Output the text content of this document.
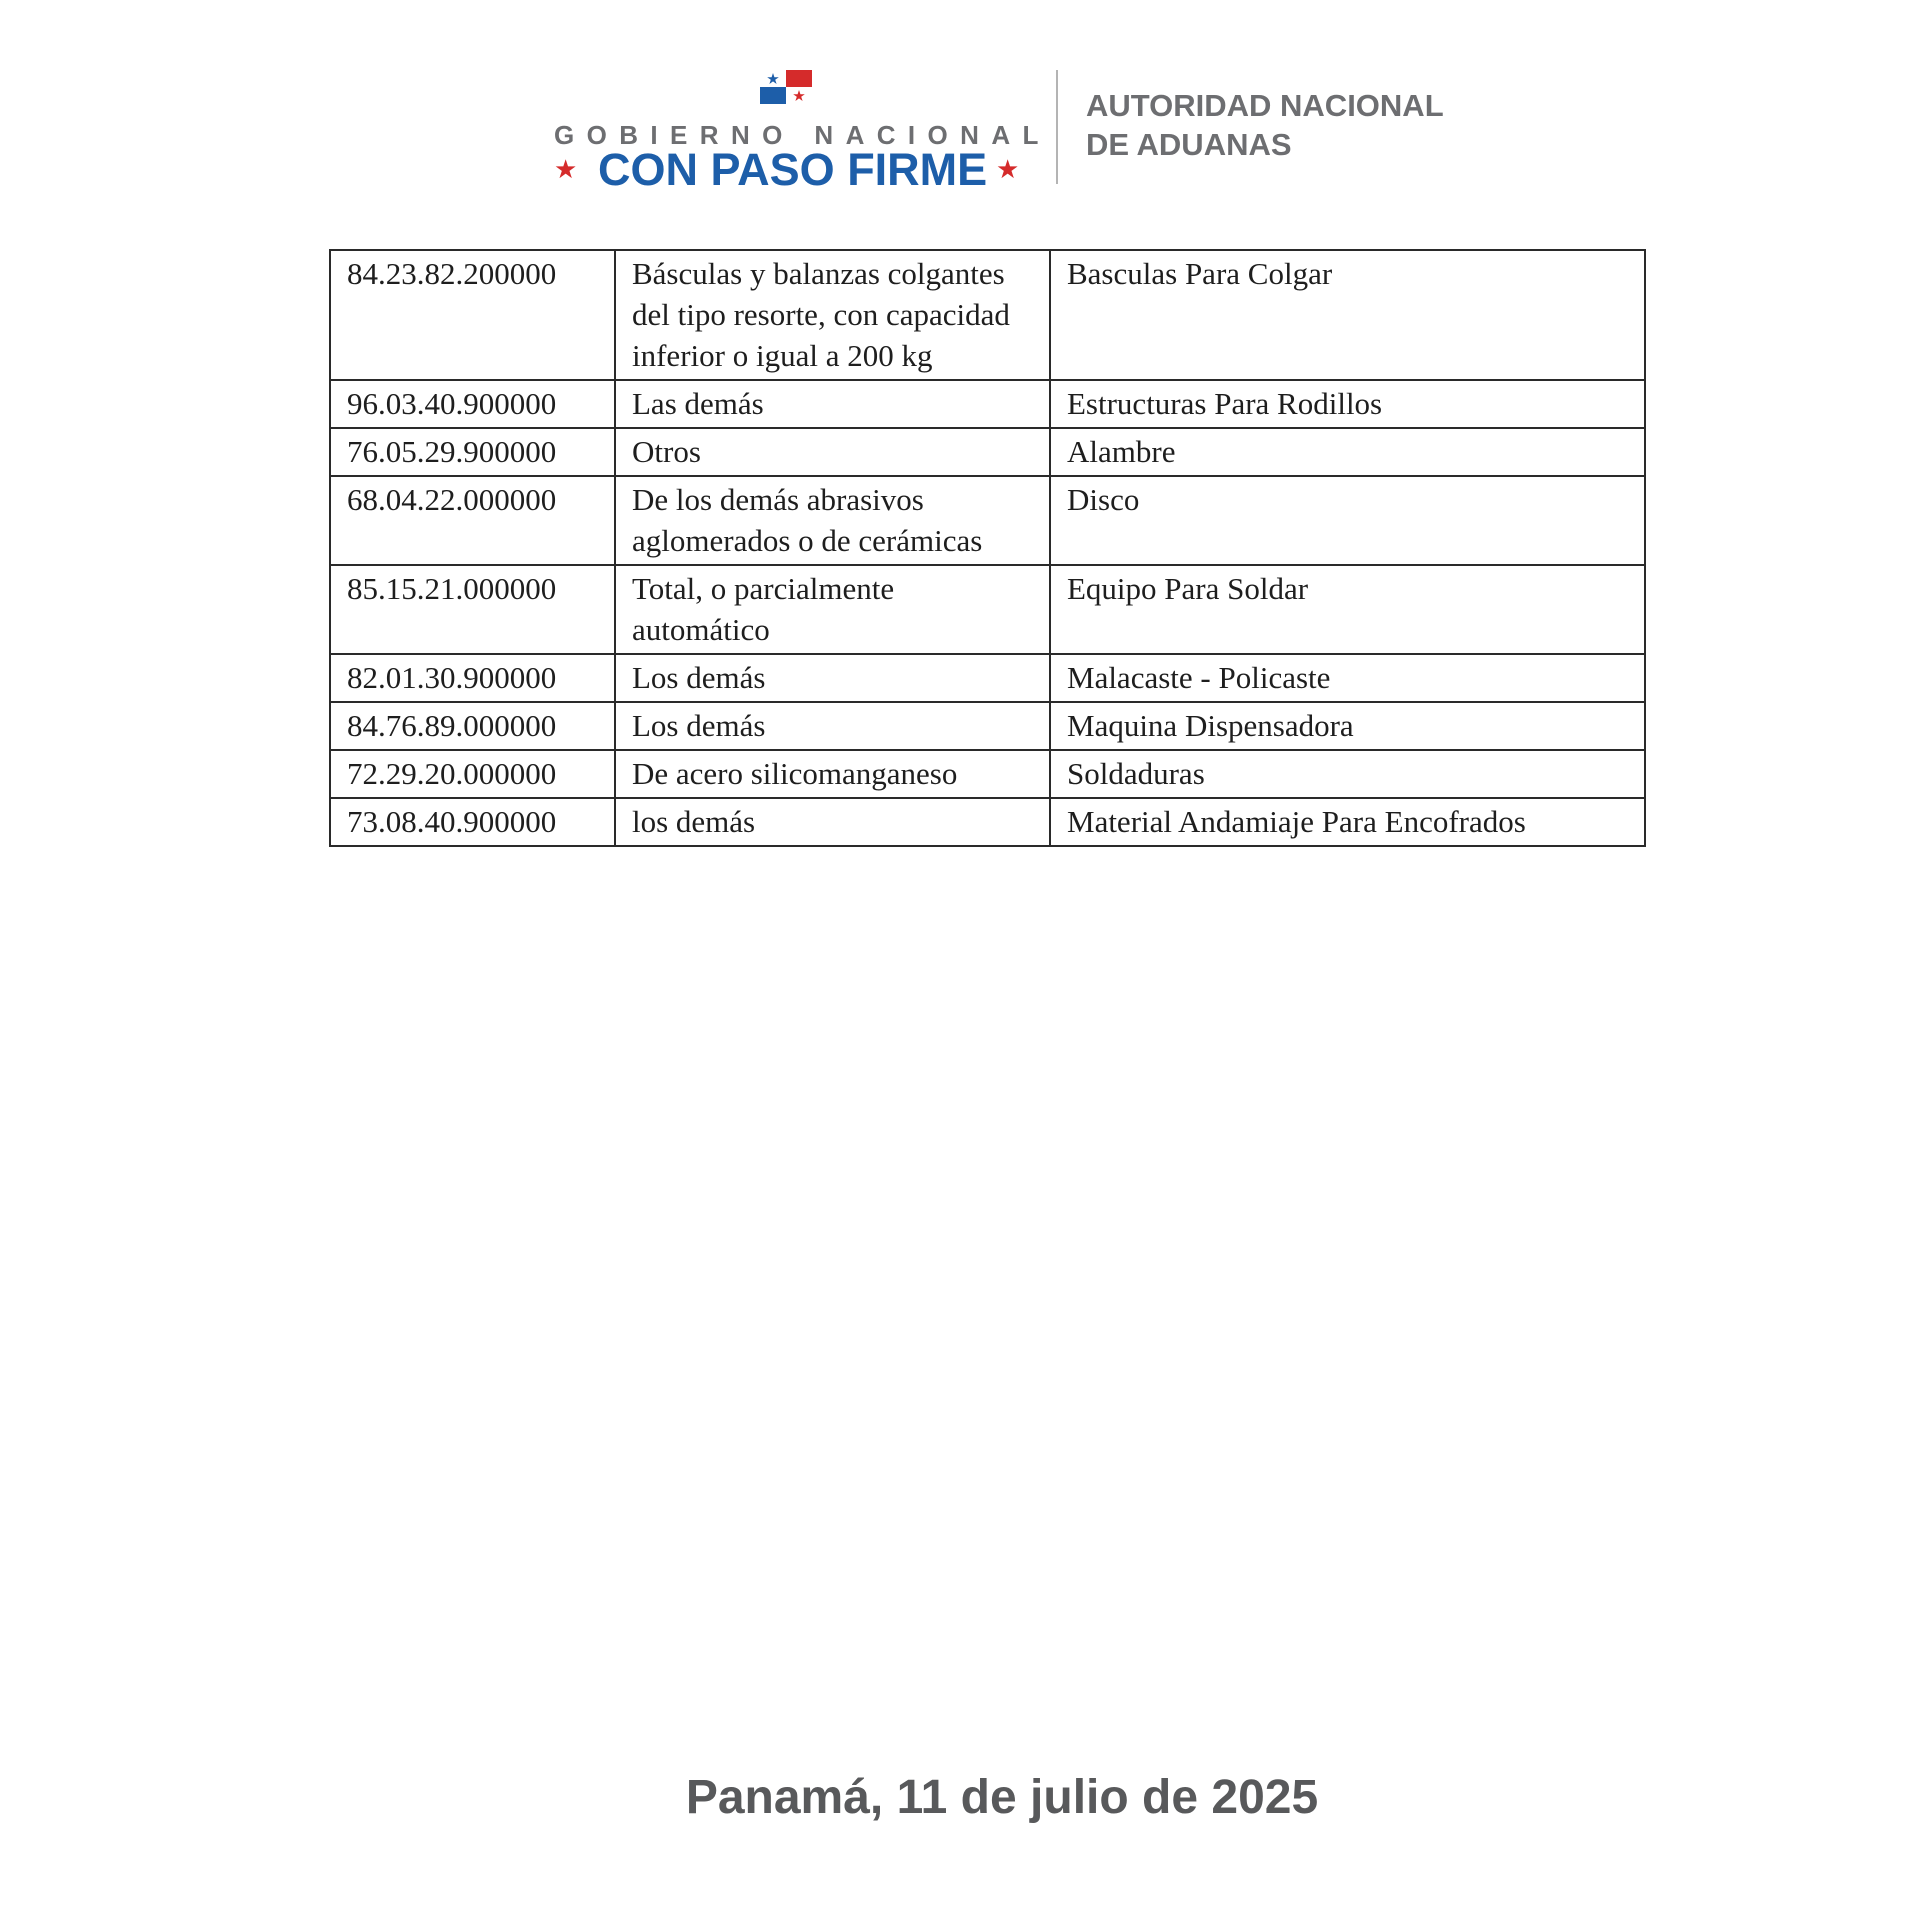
GOBIERNO NACIONAL
★ CON PASO FIRME ★
AUTORIDAD NACIONAL
DE ADUANAS
84.23.82.200000	Básculas y balanzas colgantes del tipo resorte, con capacidad inferior o igual a 200 kg	Basculas Para Colgar
96.03.40.900000	Las demás	Estructuras Para Rodillos
76.05.29.900000	Otros	Alambre
68.04.22.000000	De los demás abrasivos aglomerados o de cerámicas	Disco
85.15.21.000000	Total, o parcialmente automático	Equipo Para Soldar
82.01.30.900000	Los demás	Malacaste - Policaste
84.76.89.000000	Los demás	Maquina Dispensadora
72.29.20.000000	De acero silicomanganeso	Soldaduras
73.08.40.900000	los demás	Material Andamiaje Para Encofrados
Panamá, 11 de julio de 2025
